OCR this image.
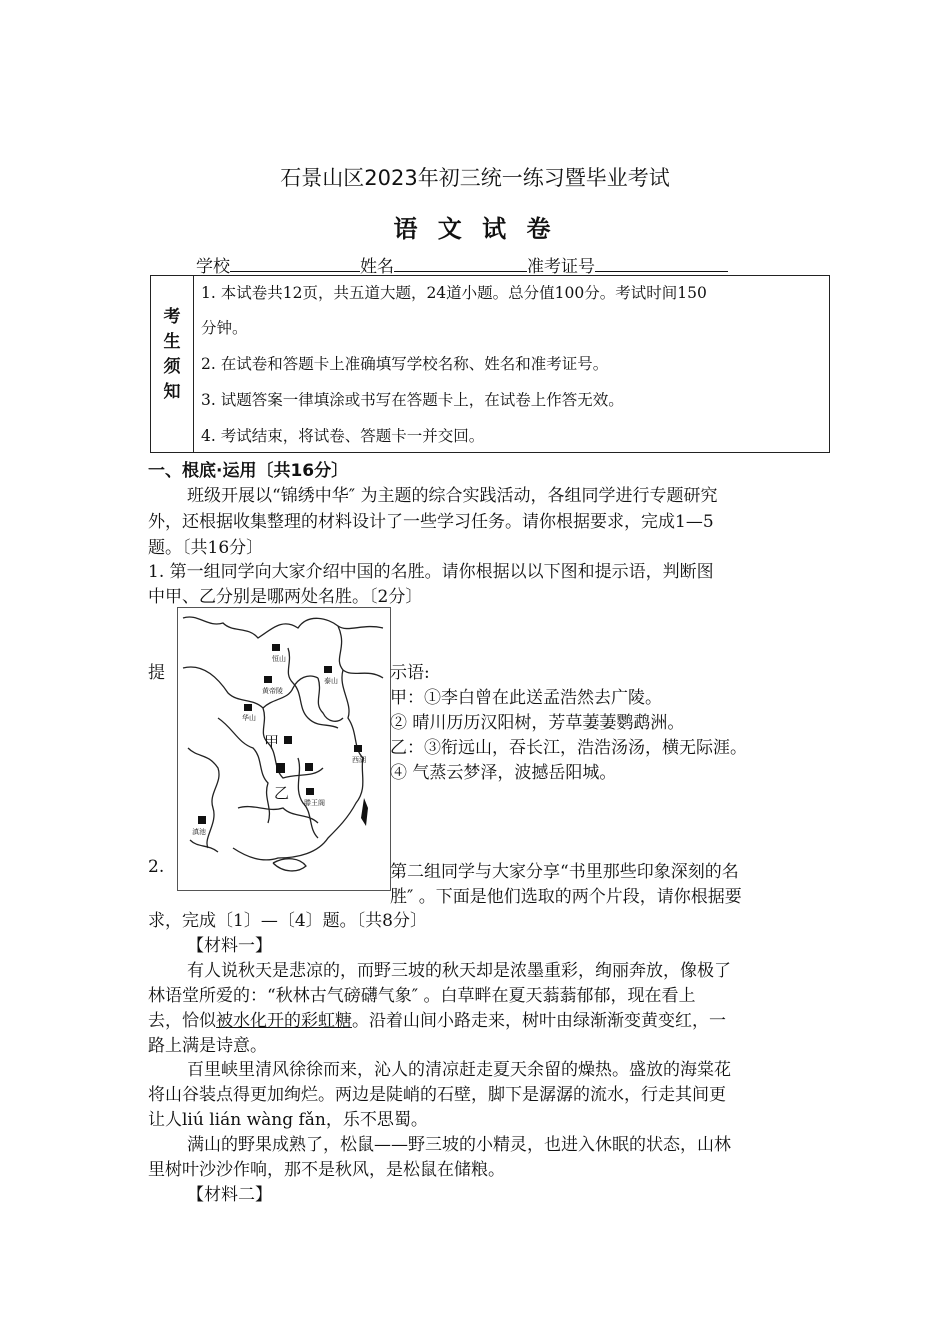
石景山区2023年初三统一练习暨毕业考试
语 文 试 卷
学校	姓名	准考证号
考
生
须
知
1. 本试卷共12页，共五道大题，24道小题。总分值100分。考试时间150
分钟。
2. 在试卷和答题卡上准确填写学校名称、姓名和准考证号。
3. 试题答案一律填涂或书写在答题卡上，在试卷上作答无效。
4. 考试结束，将试卷、答题卡一并交回。
一、根底·运用〔共16分〕
班级开展以“锦绣中华″ 为主题的综合实践活动，各组同学进行专题研究
外，还根据收集整理的材料设计了一些学习任务。请你根据要求，完成1—5
题。〔共16分〕
1. 第一组同学向大家介绍中国的名胜。请你根据以以下图和提示语，判断图
中甲、乙分别是哪两处名胜。〔2分〕
恒山
黄帝陵
泰山
华山
西湖
滕王阁
滇池
甲
乙
提	示语:
甲：①李白曾在此送孟浩然去广陵。
② 晴川历历汉阳树，芳草萋萋鹦鹉洲。
乙：③衔远山，吞长江，浩浩汤汤，横无际涯。
④ 气蒸云梦泽，波撼岳阳城。
2.	第二组同学与大家分享“书里那些印象深刻的名
胜″ 。下面是他们选取的两个片段，请你根据要
求，完成〔1〕—〔4〕题。〔共8分〕
【材料一】
有人说秋天是悲凉的，而野三坡的秋天却是浓墨重彩，绚丽奔放，像极了
林语堂所爱的：“秋林古气磅礴气象″ 。白草畔在夏天蓊蓊郁郁，现在看上
去，恰似被水化开的彩虹糖。沿着山间小路走来，树叶由绿渐渐变黄变红，一
路上满是诗意。
百里峡里清风徐徐而来，沁人的清凉赶走夏天余留的燥热。盛放的海棠花
将山谷装点得更加绚烂。两边是陡峭的石壁，脚下是潺潺的流水，行走其间更
让人liú lián wàng fǎn，乐不思蜀。
满山的野果成熟了，松鼠——野三坡的小精灵，也进入休眠的状态，山林
里树叶沙沙作响，那不是秋风，是松鼠在储粮。
【材料二】
